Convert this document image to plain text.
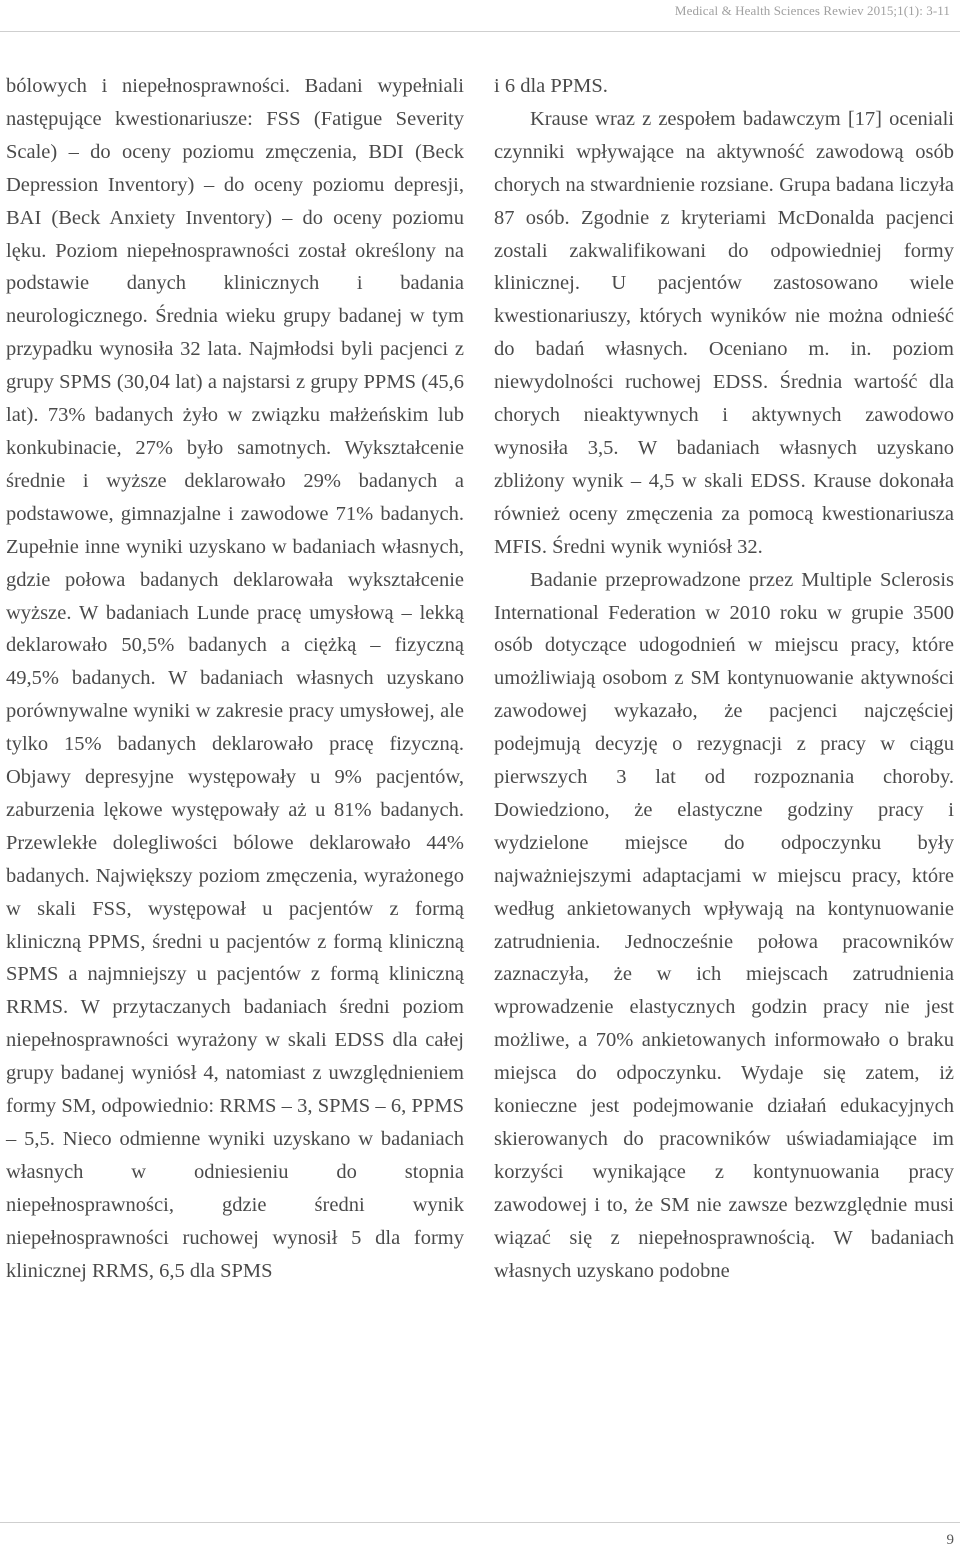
Medical & Health Sciences Rewiev 2015;1(1): 3-11

bólowych i niepełnosprawności. Badani wypełniali następujące kwestionariusze: FSS (Fatigue Severity Scale) – do oceny poziomu zmęczenia, BDI (Beck Depression Inventory) – do oceny poziomu depresji, BAI (Beck Anxiety Inventory) – do oceny poziomu lęku. Poziom niepełnosprawności został określony na podstawie danych klinicznych i badania neurologicznego. Średnia wieku grupy badanej w tym przypadku wynosiła 32 lata. Najmłodsi byli pacjenci z grupy SPMS (30,04 lat) a najstarsi z grupy PPMS (45,6 lat). 73% badanych żyło w związku małżeńskim lub konkubinacie, 27% było samotnych. Wykształcenie średnie i wyższe deklarowało 29% badanych a podstawowe, gimnazjalne i zawodowe 71% badanych. Zupełnie inne wyniki uzyskano w badaniach własnych, gdzie połowa badanych deklarowała wykształcenie wyższe. W badaniach Lunde pracę umysłową – lekką deklarowało 50,5% badanych a ciężką – fizyczną 49,5% badanych. W badaniach własnych uzyskano porównywalne wyniki w zakresie pracy umysłowej, ale tylko 15% badanych deklarowało pracę fizyczną. Objawy depresyjne występowały u 9% pacjentów, zaburzenia lękowe występowały aż u 81% badanych. Przewlekłe dolegliwości bólowe deklarowało 44% badanych. Największy poziom zmęczenia, wyrażonego w skali FSS, występował u pacjentów z formą kliniczną PPMS, średni u pacjentów z formą kliniczną SPMS a najmniejszy u pacjentów z formą kliniczną RRMS. W przytaczanych badaniach średni poziom niepełnosprawności wyrażony w skali EDSS dla całej grupy badanej wyniósł 4, natomiast z uwzględnieniem formy SM, odpowiednio: RRMS – 3, SPMS – 6, PPMS – 5,5. Nieco odmienne wyniki uzyskano w badaniach własnych w odniesieniu do stopnia niepełnosprawności, gdzie średni wynik niepełnosprawności ruchowej wynosił 5 dla formy klinicznej RRMS, 6,5 dla SPMS

i 6 dla PPMS.

Krause wraz z zespołem badawczym [17] oceniali czynniki wpływające na aktywność zawodową osób chorych na stwardnienie rozsiane. Grupa badana liczyła 87 osób. Zgodnie z kryteriami McDonalda pacjenci zostali zakwalifikowani do odpowiedniej formy klinicznej. U pacjentów zastosowano wiele kwestionariuszy, których wyników nie można odnieść do badań własnych. Oceniano m. in. poziom niewydolności ruchowej EDSS. Średnia wartość dla chorych nieaktywnych i aktywnych zawodowo wynosiła 3,5. W badaniach własnych uzyskano zbliżony wynik – 4,5 w skali EDSS. Krause dokonała również oceny zmęczenia za pomocą kwestionariusza MFIS. Średni wynik wyniósł 32.

Badanie przeprowadzone przez Multiple Sclerosis International Federation w 2010 roku w grupie 3500 osób dotyczące udogodnień w miejscu pracy, które umożliwiają osobom z SM kontynuowanie aktywności zawodowej wykazało, że pacjenci najczęściej podejmują decyzję o rezygnacji z pracy w ciągu pierwszych 3 lat od rozpoznania choroby. Dowiedziono, że elastyczne godziny pracy i wydzielone miejsce do odpoczynku były najważniejszymi adaptacjami w miejscu pracy, które według ankietowanych wpływają na kontynuowanie zatrudnienia. Jednocześnie połowa pracowników zaznaczyła, że w ich miejscach zatrudnienia wprowadzenie elastycznych godzin pracy nie jest możliwe, a 70% ankietowanych informowało o braku miejsca do odpoczynku. Wydaje się zatem, iż konieczne jest podejmowanie działań edukacyjnych skierowanych do pracowników uświadamiające im korzyści wynikające z kontynuowania pracy zawodowej i to, że SM nie zawsze bezwzględnie musi wiązać się z niepełnosprawnością. W badaniach własnych uzyskano podobne

9
